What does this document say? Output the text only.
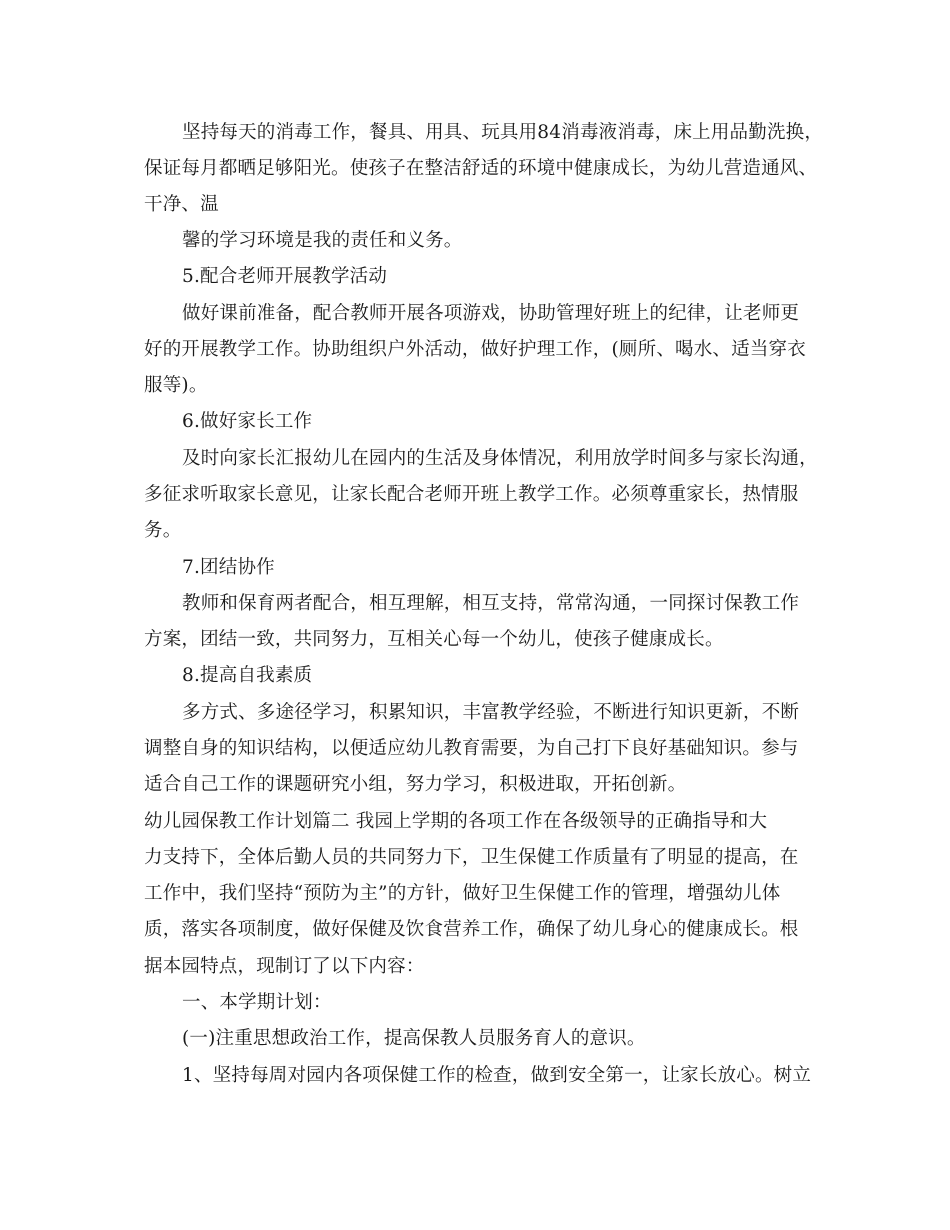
坚持每天的消毒工作，餐具、用具、玩具用84消毒液消毒，床上用品勤洗换，
保证每月都晒足够阳光。使孩子在整洁舒适的环境中健康成长，为幼儿营造通风、
干净、温
馨的学习环境是我的责任和义务。
5.配合老师开展教学活动
做好课前准备，配合教师开展各项游戏，协助管理好班上的纪律，让老师更
好的开展教学工作。协助组织户外活动，做好护理工作，(厕所、喝水、适当穿衣
服等)。
6.做好家长工作
及时向家长汇报幼儿在园内的生活及身体情况，利用放学时间多与家长沟通，
多征求听取家长意见，让家长配合老师开班上教学工作。必须尊重家长，热情服
务。
7.团结协作
教师和保育两者配合，相互理解，相互支持，常常沟通，一同探讨保教工作
方案，团结一致，共同努力，互相关心每一个幼儿，使孩子健康成长。
8.提高自我素质
多方式、多途径学习，积累知识，丰富教学经验，不断进行知识更新，不断
调整自身的知识结构，以便适应幼儿教育需要，为自己打下良好基础知识。参与
适合自己工作的课题研究小组，努力学习，积极进取，开拓创新。
幼儿园保教工作计划篇二 我园上学期的各项工作在各级领导的正确指导和大
力支持下，全体后勤人员的共同努力下，卫生保健工作质量有了明显的提高，在
工作中，我们坚持“预防为主”的方针，做好卫生保健工作的管理，增强幼儿体
质，落实各项制度，做好保健及饮食营养工作，确保了幼儿身心的健康成长。根
据本园特点，现制订了以下内容：
一、本学期计划：
(一)注重思想政治工作，提高保教人员服务育人的意识。
1、坚持每周对园内各项保健工作的检查，做到安全第一，让家长放心。树立
